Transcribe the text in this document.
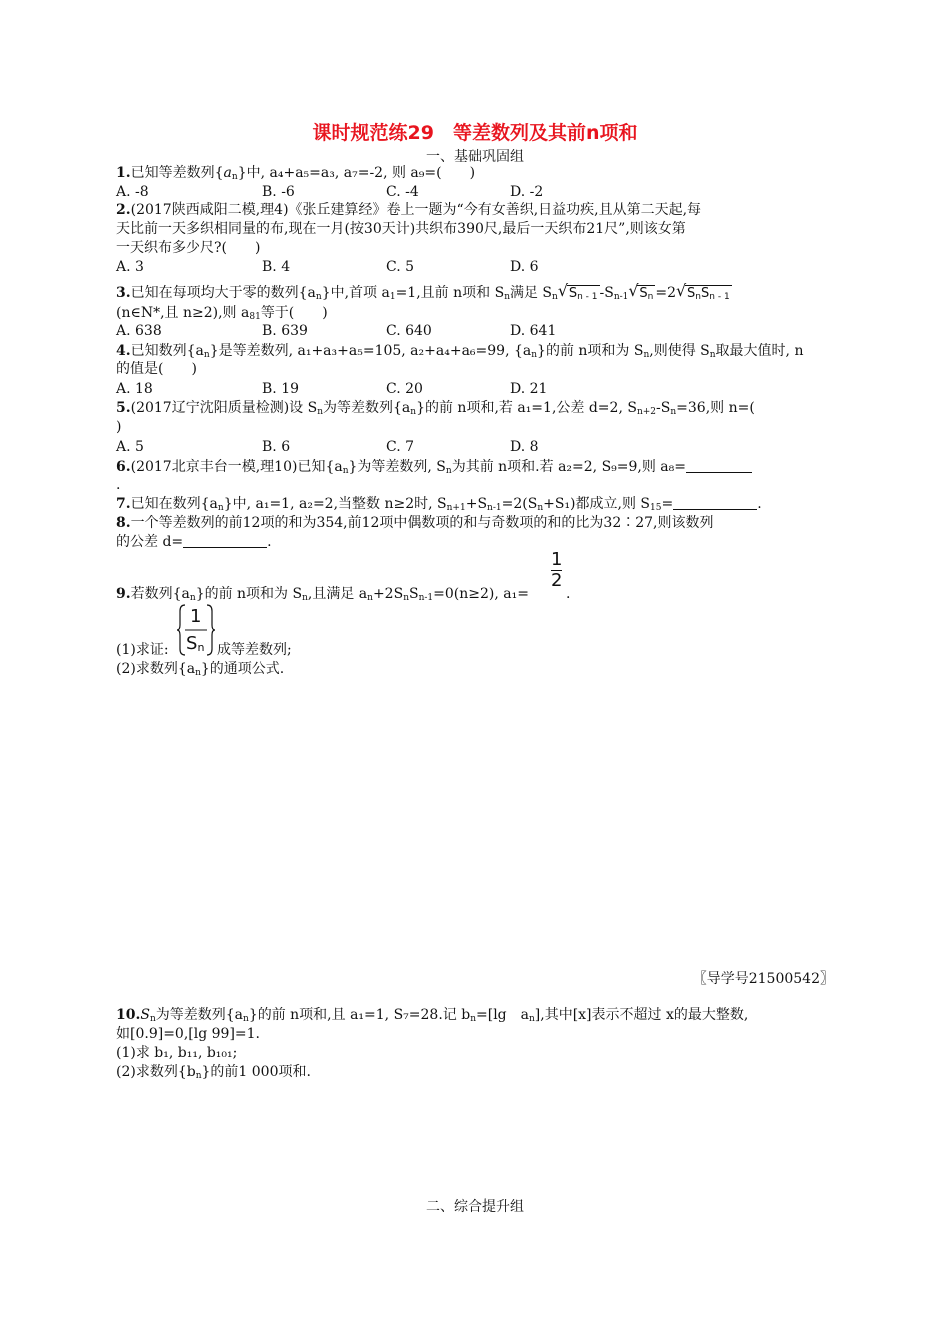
课时规范练29　等差数列及其前n项和
一、基础巩固组
1.已知等差数列$\{a_n\}$中, a₄+a₅=a₃, a₇=-2, 则 a₉=(　　)
A. -8	B. -6	C. -4	D. -2
2.(2017陕西咸阳二模,理4)《张丘建算经》卷上一题为“今有女善织,日益功疾,且从第二天起,每
天比前一天多织相同量的布,现在一月(按30天计)共织布390尺,最后一天织布21尺”,则该女第
一天织布多少尺?(　　)
A. 3	B. 4	C. 5	D. 6
3.已知在每项均大于零的数列$\{a_n\}$中,首项 $a_1=1$,且前 n项和 $S_n$满足 $S_n$ √ $S_{n - 1}$ $-S_{n-1}$ √ $S_n =2$ √ $S_nS_{n - 1}$
(n∈N*,且 n≥2),则 $a_{81}$等于(　　)
A. 638	B. 639	C. 640	D. 641
4.已知数列$\{a_n\}$是等差数列, a₁+a₃+a₅=105, a₂+a₄+a₆=99, $\{a_n\}$的前 n项和为 $S_n$,则使得 $S_n$取最大值时, n
的值是(　　)
A. 18	B. 19	C. 20	D. 21
5.(2017辽宁沈阳质量检测)设 $S_n$为等差数列$\{a_n\}$的前 n项和,若 a₁=1,公差 d=2, $S_{n+2}-S_n=36$,则 n=(
)
A. 5	B. 6	C. 7	D. 8
6.(2017北京丰台一模,理10)已知$\{a_n\}$为等差数列, $S_n$为其前 n项和.若 a₂=2, S₉=9,则 a₈=
.
7.已知在数列$\{a_n\}$中, a₁=1, a₂=2,当整数 n≥2时, $S_{n+1}+S_{n-1}=2(S_n+S_1)$都成立,则 $S_{15}=$	.
8.一个等差数列的前12项的和为354,前12项中偶数项的和与奇数项的和的比为32∶27,则该数列
的公差 d=	.
9.若数列$\{a_n\}$的前 n项和为 $S_n$,且满足 $a_n+2S_nS_{n-1}=0(n\ge 2)$, a₁=
1
2
.
(1)求证:
1
$S_n$ 成等差数列;
(2)求数列$\{a_n\}$的通项公式.
〖导学号21500542〗
$10.S_n$为等差数列$\{a_n\}$的前 n项和,且 a₁=1, S₇=28.记 $b_n=[\lg$　$a_n$],其中[x]表示不超过 x的最大整数,
如[0.9]=0,[lg 99]=1.
(1)求 b₁, b₁₁, b₁₀₁;
(2)求数列$\{b_n\}$的前1 000项和.
二、综合提升组
